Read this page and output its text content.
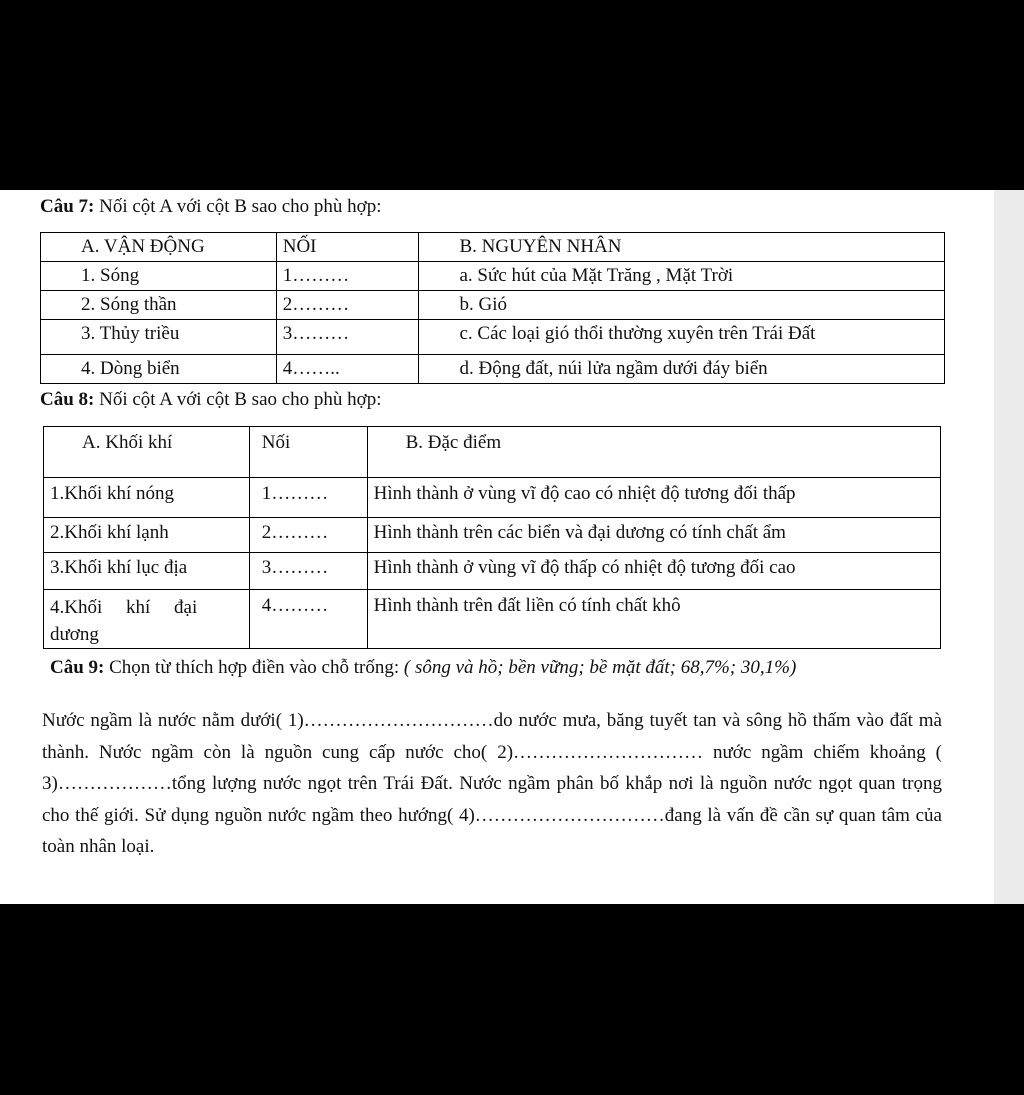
Câu 7: Nối cột A với cột B sao cho phù hợp:
A. VẬN ĐỘNG	NỐI	B. NGUYÊN NHÂN
1. Sóng	1………	a. Sức hút của Mặt Trăng , Mặt Trời
2. Sóng thần	2………	b. Gió
3. Thủy triều	3………	c. Các loại gió thổi thường xuyên trên Trái Đất
4. Dòng biển	4……..	d. Động đất, núi lửa ngầm dưới đáy biển
Câu 8: Nối cột A với cột B sao cho phù hợp:
A. Khối khí	Nối	B. Đặc điểm
1.Khối khí nóng	1………	Hình thành ở vùng vĩ độ cao có nhiệt độ tương đối thấp
2.Khối khí lạnh	2………	Hình thành trên các biển và đại dương có tính chất ẩm
3.Khối khí lục địa	3………	Hình thành ở vùng vĩ độ thấp có nhiệt độ tương đối cao
4.Khối     khí     đại dương	4………	Hình thành trên đất liền có tính chất khô
Câu 9: Chọn từ thích hợp điền vào chỗ trống: ( sông và hồ; bền vững; bề mặt đất; 68,7%; 30,1%)

Nước ngầm là nước nằm dưới( 1)…………………………do nước mưa, băng tuyết tan và sông hồ thấm vào đất mà thành. Nước ngầm còn là nguồn cung cấp nước cho( 2)………………………… nước ngầm chiếm khoảng ( 3)………………tổng lượng nước ngọt trên Trái Đất. Nước ngầm phân bố khắp nơi là nguồn nước ngọt quan trọng cho thế giới. Sử dụng nguồn nước ngầm theo hướng( 4)…………………………đang là vấn đề cần sự quan tâm của toàn nhân loại.
